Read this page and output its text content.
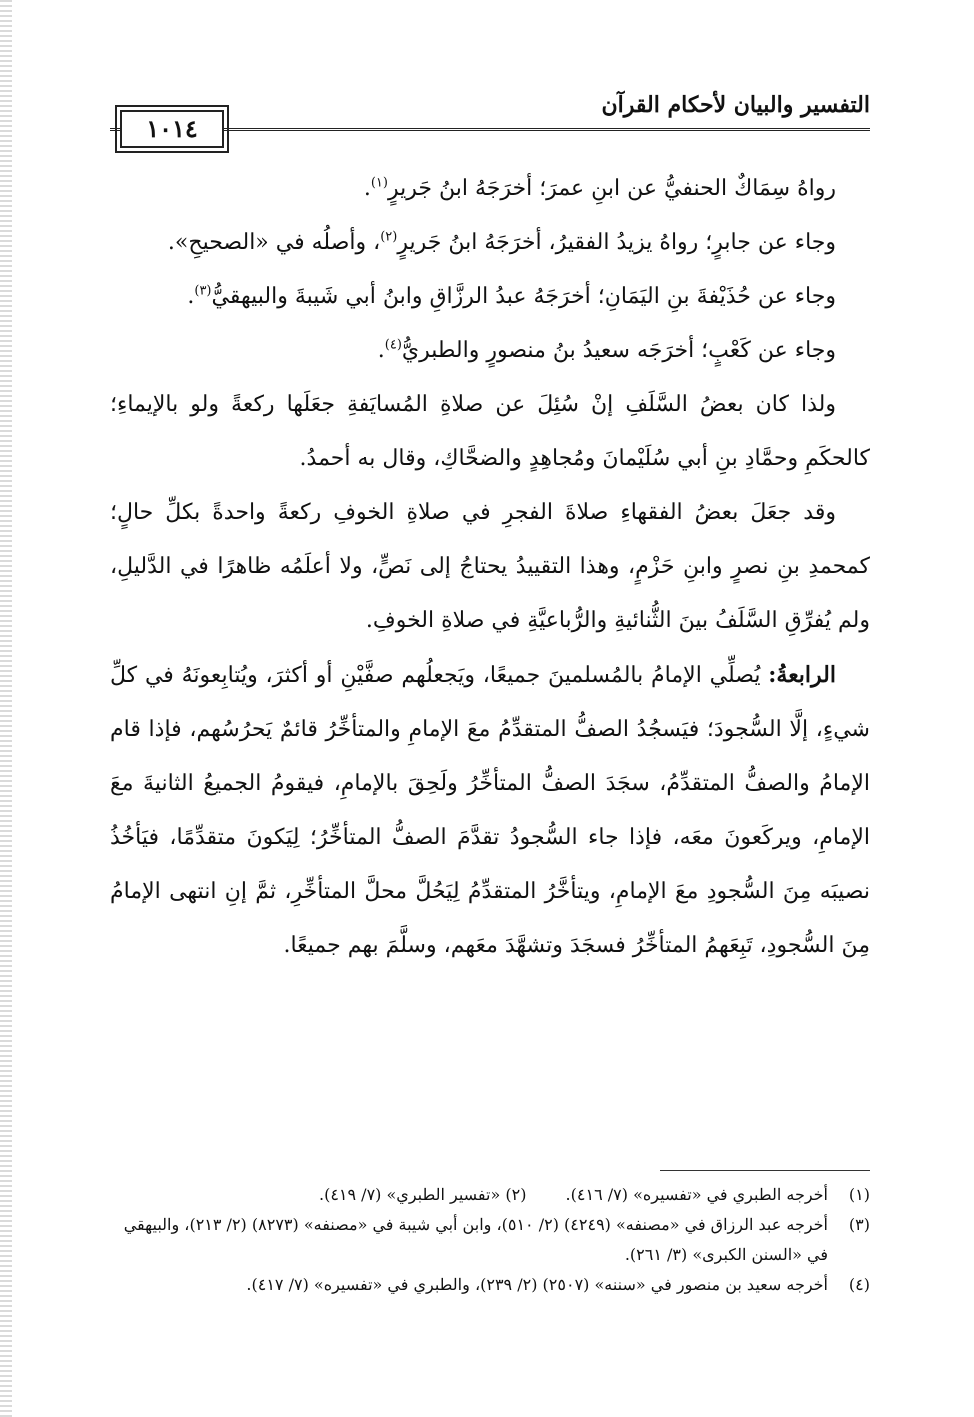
التفسير والبيان لأحكام القرآن
١٠١٤

رواهُ سِمَاكٌ الحنفيُّ عن ابنِ عمرَ؛ أخرَجَهُ ابنُ جَريرٍ$^{(١)}$.

وجاء عن جابرٍ؛ رواهُ يزيدُ الفقيرُ، أخرَجَهُ ابنُ جَريرٍ$^{(٢)}$، وأصلُه في «الصحيحِ».

وجاء عن حُذَيْفةَ بنِ اليَمَانِ؛ أخرَجَهُ عبدُ الرزَّاقِ وابنُ أبي شَيبةَ والبيهقيُّ$^{(٣)}$.

وجاء عن كَعْبٍ؛ أخرَجَه سعيدُ بنُ منصورٍ والطبريُّ$^{(٤)}$.

ولذا كان بعضُ السَّلَفِ إنْ سُئِلَ عن صلاةِ المُسايَفةِ جعَلَها ركعةً ولو بالإيماءِ؛ كالحكَمِ وحمَّادِ بنِ أبي سُلَيْمانَ ومُجاهِدٍ والضحَّاكِ، وقال به أحمدُ.

وقد جعَلَ بعضُ الفقهاءِ صلاةَ الفجرِ في صلاةِ الخوفِ ركعةً واحدةً بكلِّ حالٍ؛ كمحمدِ بنِ نصرٍ وابنِ حَزْمٍ، وهذا التقييدُ يحتاجُ إلى نَصٍّ، ولا أعلَمُه ظاهرًا في الدَّليلِ، ولم يُفرِّقِ السَّلَفُ بينَ الثُّنائيةِ والرُّباعيَّةِ في صلاةِ الخوفِ.

الرابعةُ: يُصلِّي الإمامُ بالمُسلمينَ جميعًا، ويَجعلُهم صفَّيْنِ أو أكثرَ، ويُتابِعونَهُ في كلِّ شيءٍ، إلَّا السُّجودَ؛ فيَسجُدُ الصفُّ المتقدِّمُ معَ الإمامِ والمتأخِّرُ قائمٌ يَحرُسُهم، فإذا قام الإمامُ والصفُّ المتقدِّمُ، سجَدَ الصفُّ المتأخِّرُ ولَحِقَ بالإمامِ، فيقومُ الجميعُ الثانيةَ معَ الإمامِ، ويركَعونَ معَه، فإذا جاء السُّجودُ تقدَّمَ الصفُّ المتأخِّرُ؛ لِيَكونَ متقدِّمًا، فيَأخُذُ نصيبَه مِنَ السُّجودِ معَ الإمامِ، ويتأخَّرُ المتقدِّمُ لِيَحُلَّ محلَّ المتأخِّرِ، ثمَّ إنِ انتهى الإمامُ مِنَ السُّجودِ، تَبِعَهمُ المتأخِّرُ فسجَدَ وتشهَّدَ معَهم، وسلَّمَ بهم جميعًا.

(١)
أخرجه الطبري في «تفسيره» (٧/ ٤١٦). (٢) «تفسير الطبري» (٧/ ٤١٩).

(٣)
أخرجه عبد الرزاق في «مصنفه» (٤٢٤٩) (٢/ ٥١٠)، وابن أبي شيبة في «مصنفه» (٨٢٧٣) (٢/ ٢١٣)، والبيهقي في «السنن الكبرى» (٣/ ٢٦١).

(٤)
أخرجه سعيد بن منصور في «سننه» (٢٥٠٧) (٢/ ٢٣٩)، والطبري في «تفسيره» (٧/ ٤١٧).
